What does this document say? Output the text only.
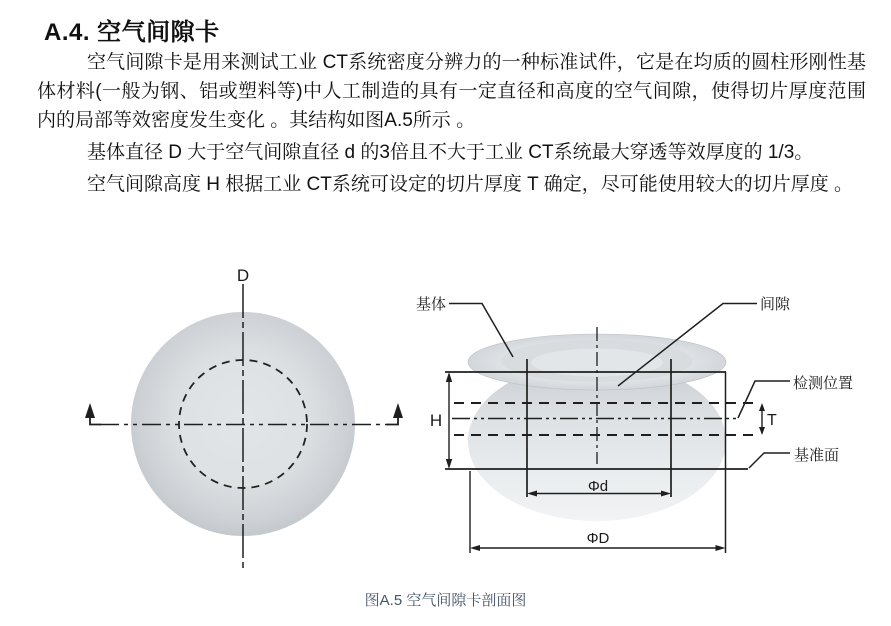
A.4. 空气间隙卡

空气间隙卡是用来测试工业 CT系统密度分辨力的一种标准试件，它是在均质的圆柱形刚性基体材料(一般为钢、铝或塑料等)中人工制造的具有一定直径和高度的空气间隙，使得切片厚度范围内的局部等效密度发生变化 。其结构如图A.5所示 。

基体直径 D 大于空气间隙直径 d 的3倍且不大于工业 CT系统最大穿透等效厚度的 1/3。

空气间隙高度 H 根据工业 CT系统可设定的切片厚度 T 确定，尽可能使用较大的切片厚度 。

D
H	T
Φd
ΦD
基体	间隙
检测位置
基准面
图A.5 空气间隙卡剖面图
